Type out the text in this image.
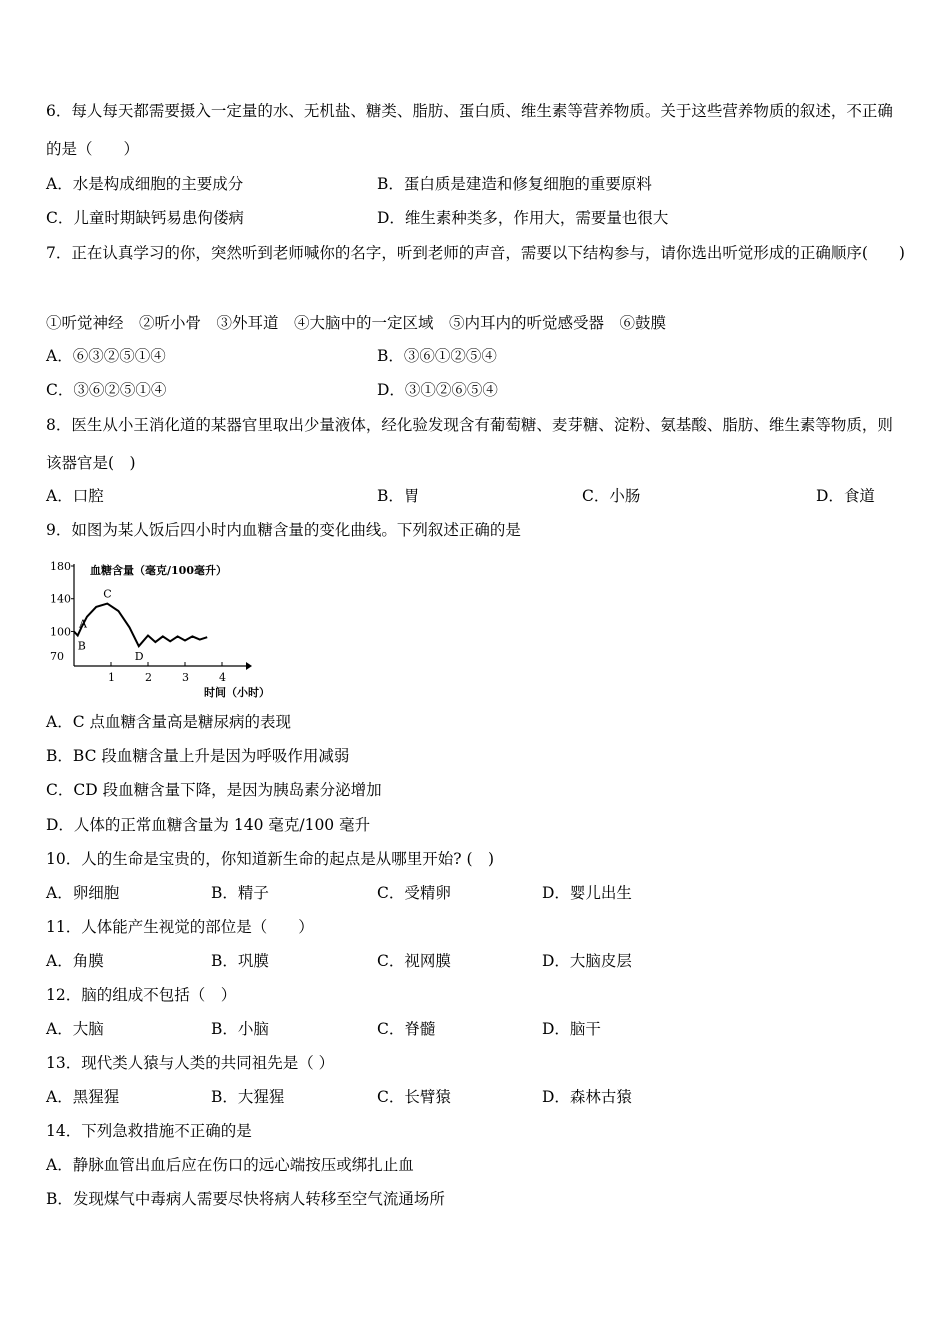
6．每人每天都需要摄入一定量的水、无机盐、糖类、脂肪、蛋白质、维生素等营养物质。关于这些营养物质的叙述，不正确的是（　　）
A．水是构成细胞的主要成分	B．蛋白质是建造和修复细胞的重要原料
C．儿童时期缺钙易患佝偻病	D．维生素种类多，作用大，需要量也很大
7．正在认真学习的你，突然听到老师喊你的名字，听到老师的声音，需要以下结构参与，请你选出听觉形成的正确顺序(　　)
①听觉神经　②听小骨　③外耳道　④大脑中的一定区域　⑤内耳内的听觉感受器　⑥鼓膜
A．⑥③②⑤①④	B．③⑥①②⑤④
C．③⑥②⑤①④	D．③①②⑥⑤④
8．医生从小王消化道的某器官里取出少量液体，经化验发现含有葡萄糖、麦芽糖、淀粉、氨基酸、脂肪、维生素等物质，则该器官是(　)
A．口腔	B．胃	C．小肠	D．食道
9．如图为某人饭后四小时内血糖含量的变化曲线。下列叙述正确的是
血糖含量（毫克/100毫升）
时间（小时）
180
140
100
70
1	2	3	4
A
B
C
D
A．C 点血糖含量高是糖尿病的表现
B．BC 段血糖含量上升是因为呼吸作用减弱
C．CD 段血糖含量下降，是因为胰岛素分泌增加
D．人体的正常血糖含量为 140 毫克/100 毫升
10．人的生命是宝贵的，你知道新生命的起点是从哪里开始? (　)
A．卵细胞	B．精子	C．受精卵	D．婴儿出生
11．人体能产生视觉的部位是（　　）
A．角膜	B．巩膜	C．视网膜	D．大脑皮层
12．脑的组成不包括（　）
A．大脑	B．小脑	C．脊髓	D．脑干
13．现代类人猿与人类的共同祖先是（ ）
A．黑猩猩	B．大猩猩	C．长臂猿	D．森林古猿
14．下列急救措施不正确的是
A．静脉血管出血后应在伤口的远心端按压或绑扎止血
B．发现煤气中毒病人需要尽快将病人转移至空气流通场所
